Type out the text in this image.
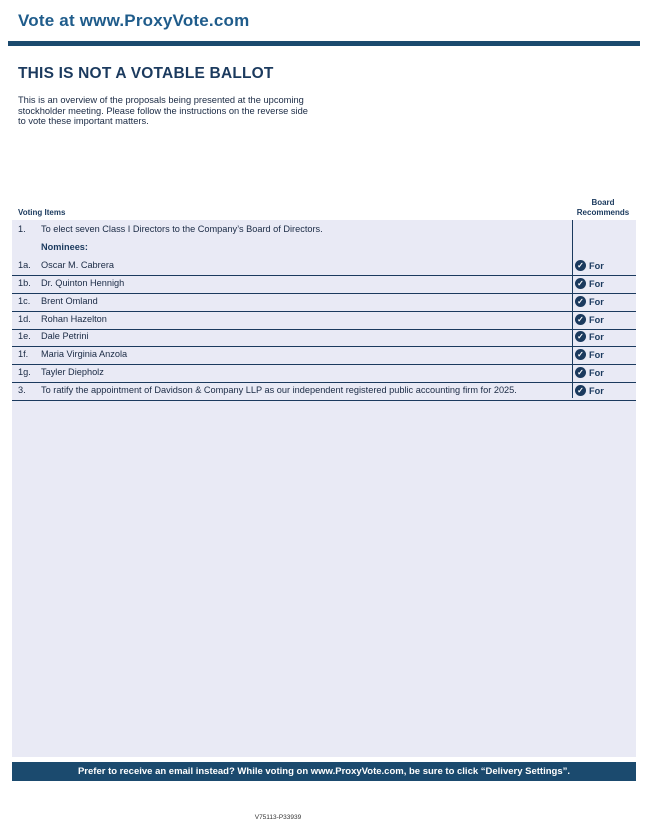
Vote at www.ProxyVote.com
THIS IS NOT A VOTABLE BALLOT
This is an overview of the proposals being presented at the upcoming stockholder meeting. Please follow the instructions on the reverse side to vote these important matters.
Voting Items
Board
Recommends
1. To elect seven Class I Directors to the Company’s Board of Directors.
Nominees:
1a. Oscar M. Cabrera	✓ For
1b. Dr. Quinton Hennigh	✓ For
1c. Brent Omland	✓ For
1d. Rohan Hazelton	✓ For
1e. Dale Petrini	✓ For
1f. Maria Virginia Anzola	✓ For
1g. Tayler Diepholz	✓ For
3. To ratify the appointment of Davidson & Company LLP as our independent registered public accounting firm for 2025.	✓ For
Prefer to receive an email instead? While voting on www.ProxyVote.com, be sure to click “Delivery Settings”.
V75113-P33939
